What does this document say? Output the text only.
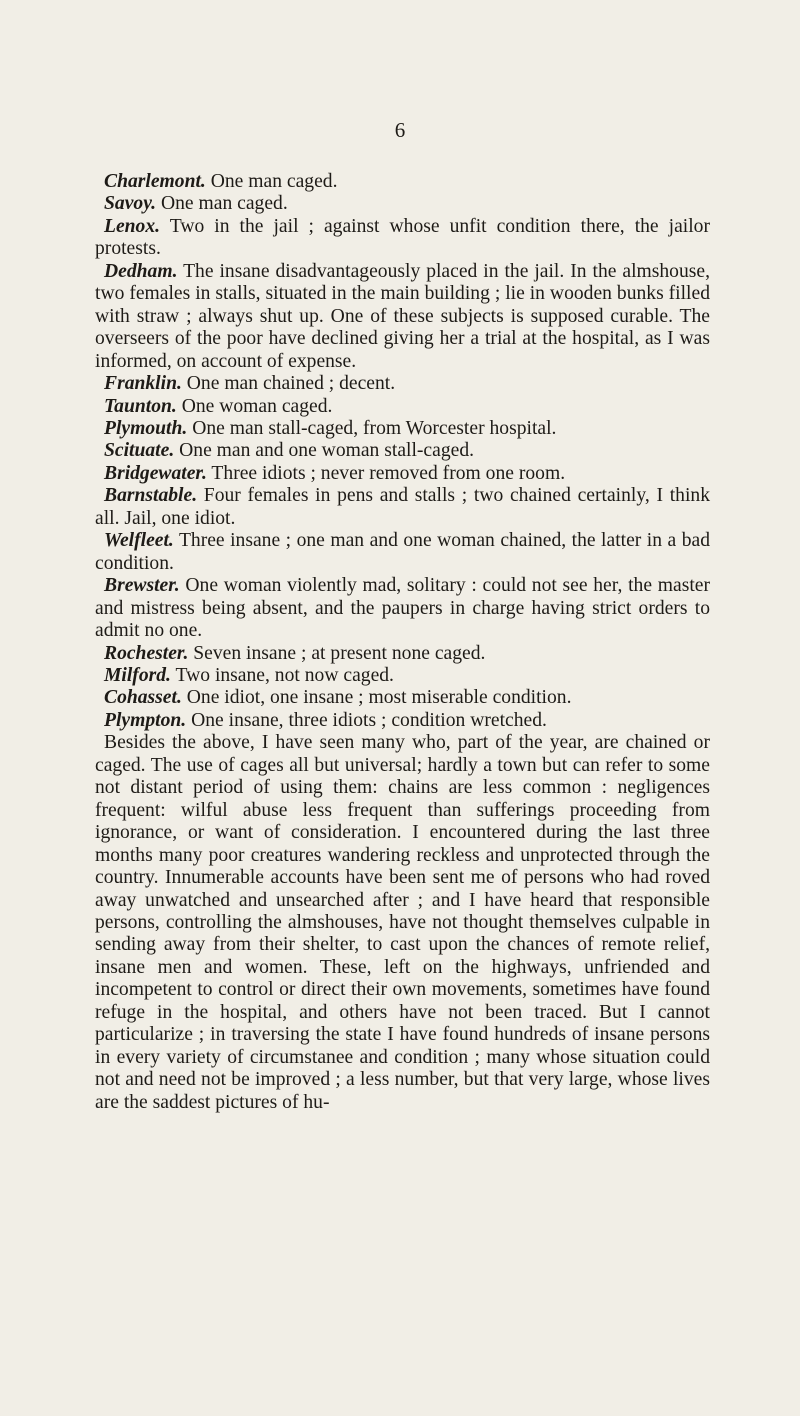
6

Charlemont. One man caged.

Savoy. One man caged.

Lenox. Two in the jail ; against whose unfit condition there, the jailor protests.

Dedham. The insane disadvantageously placed in the jail. In the almshouse, two females in stalls, situated in the main building ; lie in wooden bunks filled with straw ; always shut up. One of these subjects is supposed curable. The overseers of the poor have declined giving her a trial at the hospital, as I was informed, on account of expense.

Franklin. One man chained ; decent.

Taunton. One woman caged.

Plymouth. One man stall-caged, from Worcester hospital.

Scituate. One man and one woman stall-caged.

Bridgewater. Three idiots ; never removed from one room.

Barnstable. Four females in pens and stalls ; two chained certainly, I think all. Jail, one idiot.

Welfleet. Three insane ; one man and one woman chained, the latter in a bad condition.

Brewster. One woman violently mad, solitary : could not see her, the master and mistress being absent, and the paupers in charge having strict orders to admit no one.

Rochester. Seven insane ; at present none caged.

Milford. Two insane, not now caged.

Cohasset. One idiot, one insane ; most miserable condition.

Plympton. One insane, three idiots ; condition wretched.

Besides the above, I have seen many who, part of the year, are chained or caged. The use of cages all but universal; hardly a town but can refer to some not distant period of using them: chains are less common : negligences frequent: wilful abuse less frequent than sufferings proceeding from ignorance, or want of consideration. I encountered during the last three months many poor creatures wandering reckless and unprotected through the country. Innumerable accounts have been sent me of persons who had roved away unwatched and unsearched after ; and I have heard that responsible persons, controlling the almshouses, have not thought themselves culpable in sending away from their shelter, to cast upon the chances of remote relief, insane men and women. These, left on the highways, unfriended and incompetent to control or direct their own movements, sometimes have found refuge in the hospital, and others have not been traced. But I cannot particularize ; in traversing the state I have found hundreds of insane persons in every variety of circumstanee and condition ; many whose situation could not and need not be improved ; a less number, but that very large, whose lives are the saddest pictures of hu-
